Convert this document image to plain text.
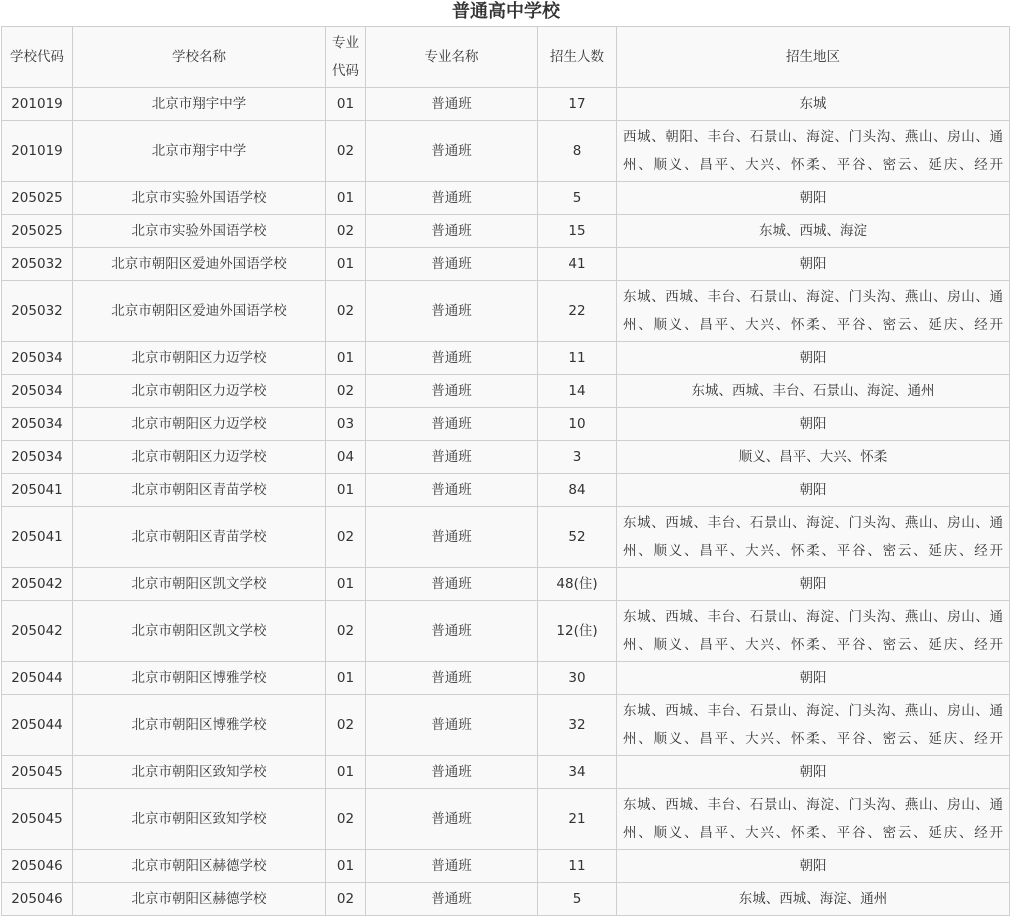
普通高中学校
学校代码	学校名称	专业代码	专业名称	招生人数	招生地区
201019	北京市翔宇中学	01	普通班	17	东城
201019	北京市翔宇中学	02	普通班	8	西城、朝阳、丰台、石景山、海淀、门头沟、燕山、房山、通州、顺义、昌平、大兴、怀柔、平谷、密云、延庆、经开
205025	北京市实验外国语学校	01	普通班	5	朝阳
205025	北京市实验外国语学校	02	普通班	15	东城、西城、海淀
205032	北京市朝阳区爱迪外国语学校	01	普通班	41	朝阳
205032	北京市朝阳区爱迪外国语学校	02	普通班	22	东城、西城、丰台、石景山、海淀、门头沟、燕山、房山、通州、顺义、昌平、大兴、怀柔、平谷、密云、延庆、经开
205034	北京市朝阳区力迈学校	01	普通班	11	朝阳
205034	北京市朝阳区力迈学校	02	普通班	14	东城、西城、丰台、石景山、海淀、通州
205034	北京市朝阳区力迈学校	03	普通班	10	朝阳
205034	北京市朝阳区力迈学校	04	普通班	3	顺义、昌平、大兴、怀柔
205041	北京市朝阳区青苗学校	01	普通班	84	朝阳
205041	北京市朝阳区青苗学校	02	普通班	52	东城、西城、丰台、石景山、海淀、门头沟、燕山、房山、通州、顺义、昌平、大兴、怀柔、平谷、密云、延庆、经开
205042	北京市朝阳区凯文学校	01	普通班	48(住)	朝阳
205042	北京市朝阳区凯文学校	02	普通班	12(住)	东城、西城、丰台、石景山、海淀、门头沟、燕山、房山、通州、顺义、昌平、大兴、怀柔、平谷、密云、延庆、经开
205044	北京市朝阳区博雅学校	01	普通班	30	朝阳
205044	北京市朝阳区博雅学校	02	普通班	32	东城、西城、丰台、石景山、海淀、门头沟、燕山、房山、通州、顺义、昌平、大兴、怀柔、平谷、密云、延庆、经开
205045	北京市朝阳区致知学校	01	普通班	34	朝阳
205045	北京市朝阳区致知学校	02	普通班	21	东城、西城、丰台、石景山、海淀、门头沟、燕山、房山、通州、顺义、昌平、大兴、怀柔、平谷、密云、延庆、经开
205046	北京市朝阳区赫德学校	01	普通班	11	朝阳
205046	北京市朝阳区赫德学校	02	普通班	5	东城、西城、海淀、通州
